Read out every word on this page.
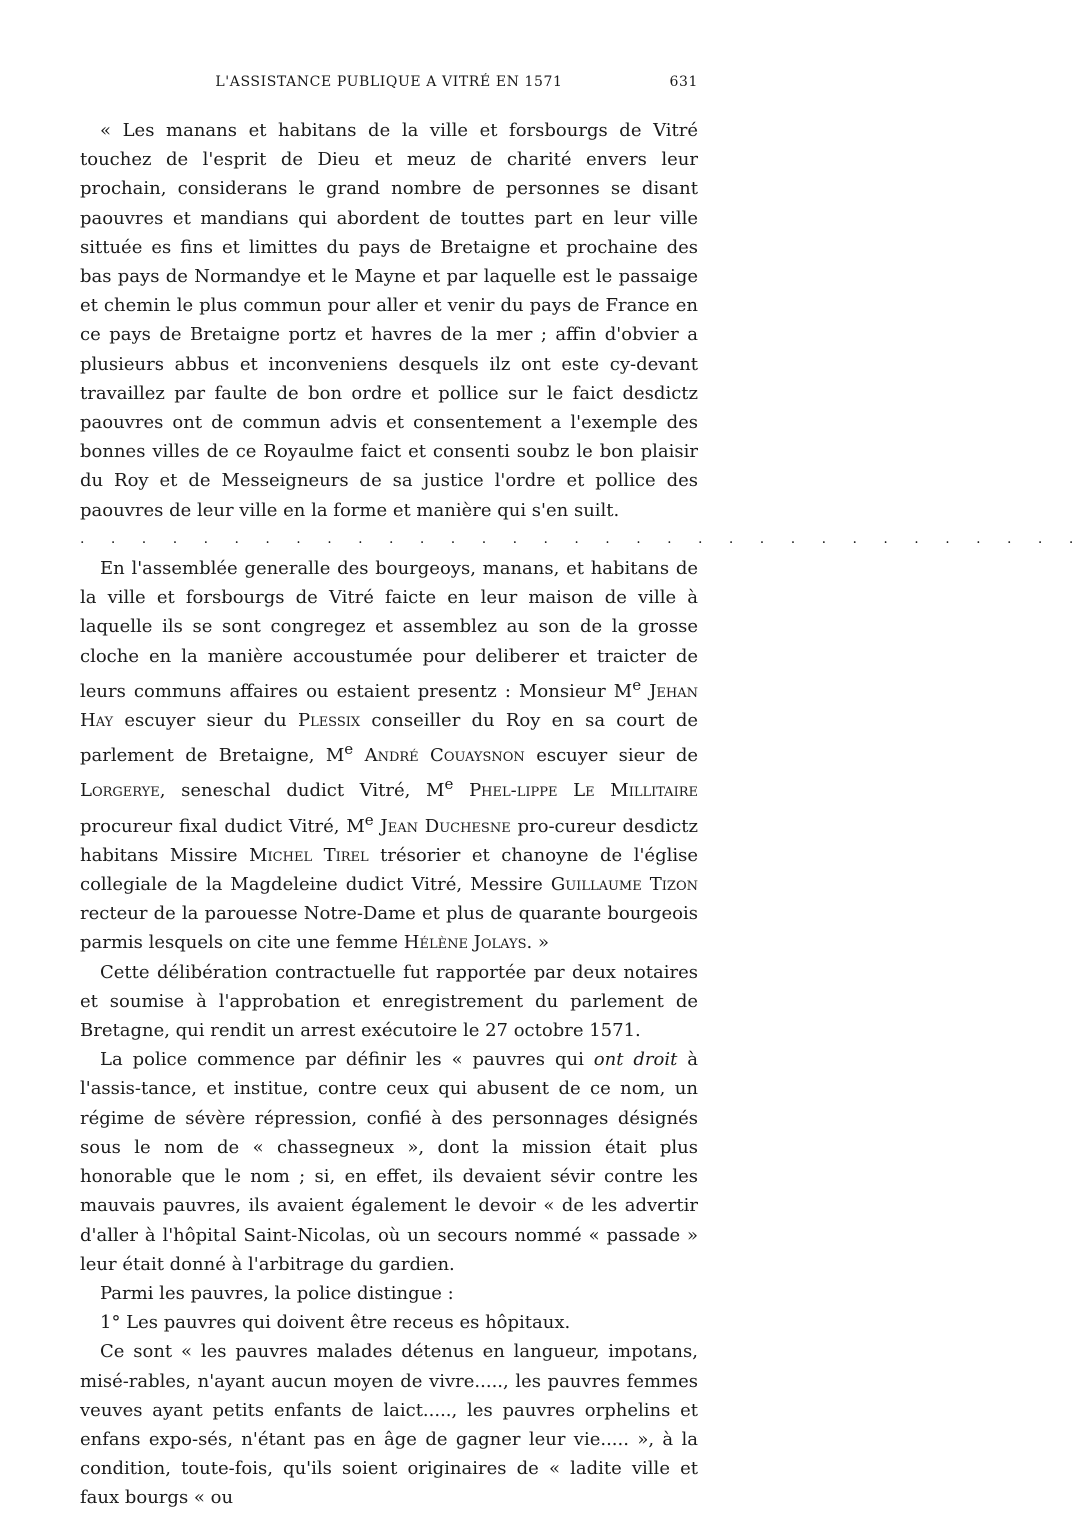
L'ASSISTANCE PUBLIQUE A VITRÉ EN 1571	631

« Les manans et habitans de la ville et forsbourgs de Vitré touchez de l'esprit de Dieu et meuz de charité envers leur prochain, considerans le grand nombre de personnes se disant paouvres et mandians qui abordent de touttes part en leur ville sittuée es fins et limittes du pays de Bretaigne et prochaine des bas pays de Normandye et le Mayne et par laquelle est le passaige et chemin le plus commun pour aller et venir du pays de France en ce pays de Bretaigne portz et havres de la mer ; affin d'obvier a plusieurs abbus et inconveniens desquels ilz ont este cy-devant travaillez par faulte de bon ordre et pollice sur le faict desdictz paouvres ont de commun advis et consentement a l'exemple des bonnes villes de ce Royaulme faict et consenti soubz le bon plaisir du Roy et de Messeigneurs de sa justice l'ordre et pollice des paouvres de leur ville en la forme et manière qui s'en suilt.

. . . . . . . . . . . . . . . . . . . . . . . . . . . . . . . . .

En l'assemblée generalle des bourgeoys, manans, et habitans de la ville et forsbourgs de Vitré faicte en leur maison de ville à laquelle ils se sont congregez et assemblez au son de la grosse cloche en la manière accoustumée pour deliberer et traicter de leurs communs affaires ou estaient presentz : Monsieur Me Jehan Hay escuyer sieur du Plessix conseiller du Roy en sa court de parlement de Bretaigne, Me André Couaysnon escuyer sieur de Lorgerye, seneschal dudict Vitré, Me Phel-lippe Le Millitaire procureur fixal dudict Vitré, Me Jean Duchesne pro-cureur desdictz habitans Missire Michel Tirel trésorier et chanoyne de l'église collegiale de la Magdeleine dudict Vitré, Messire Guillaume Tizon recteur de la parouesse Notre-Dame et plus de quarante bourgeois parmis lesquels on cite une femme Hélène Jolays. »

Cette délibération contractuelle fut rapportée par deux notaires et soumise à l'approbation et enregistrement du parlement de Bretagne, qui rendit un arrest exécutoire le 27 octobre 1571.

La police commence par définir les « pauvres qui ont droit à l'assis-tance, et institue, contre ceux qui abusent de ce nom, un régime de sévère répression, confié à des personnages désignés sous le nom de « chassegneux », dont la mission était plus honorable que le nom ; si, en effet, ils devaient sévir contre les mauvais pauvres, ils avaient également le devoir « de les advertir d'aller à l'hôpital Saint-Nicolas, où un secours nommé « passade » leur était donné à l'arbitrage du gardien.

Parmi les pauvres, la police distingue :

1° Les pauvres qui doivent être receus es hôpitaux.

Ce sont « les pauvres malades détenus en langueur, impotans, misé-rables, n'ayant aucun moyen de vivre....., les pauvres femmes veuves ayant petits enfants de laict....., les pauvres orphelins et enfans expo-sés, n'étant pas en âge de gagner leur vie..... », à la condition, toute-fois, qu'ils soient originaires de « ladite ville et faux bourgs « ou
